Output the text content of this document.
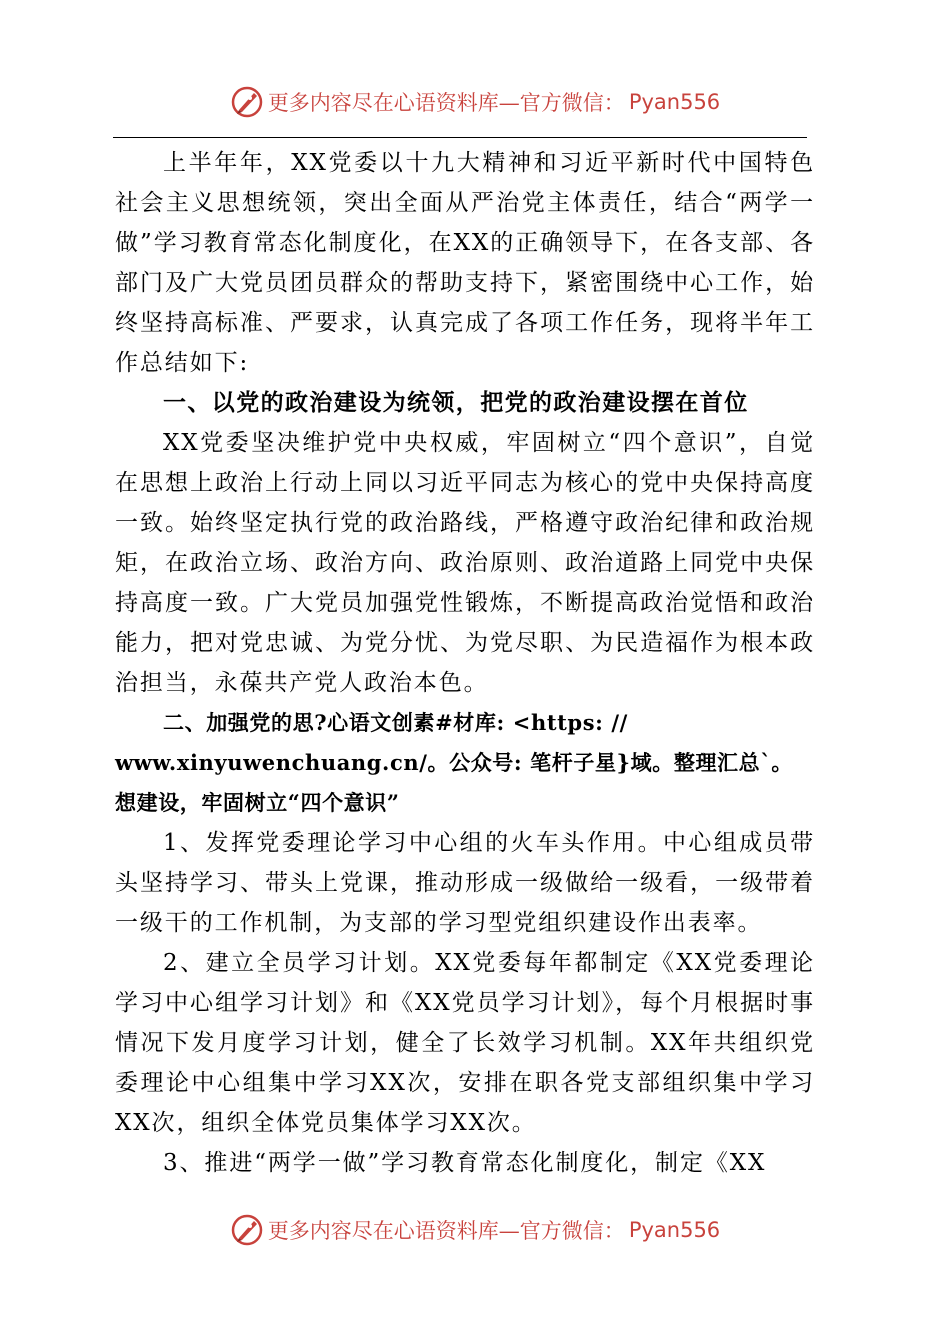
更多内容尽在心语资料库—官方微信： Pyan556

上半年年，XX党委以十九大精神和习近平新时代中国特色社会主义思想统领，突出全面从严治党主体责任，结合“两学一做”学习教育常态化制度化，在XX的正确领导下，在各支部、各部门及广大党员团员群众的帮助支持下，紧密围绕中心工作，始终坚持高标准、严要求，认真完成了各项工作任务，现将半年工作总结如下:

一、以党的政治建设为统领，把党的政治建设摆在首位

XX党委坚决维护党中央权威，牢固树立“四个意识”，自觉在思想上政治上行动上同以习近平同志为核心的党中央保持高度一致。始终坚定执行党的政治路线，严格遵守政治纪律和政治规矩，在政治立场、政治方向、政治原则、政治道路上同党中央保持高度一致。广大党员加强党性锻炼，不断提高政治觉悟和政治能力，把对党忠诚、为党分忧、为党尽职、为民造福作为根本政治担当，永葆共产党人政治本色。

二、加强党的思?心语文创素#材库: <https: //
www.xinyuwenchuang.cn/。公众号: 笔杆子星}域。整理汇总`。
想建设，牢固树立“四个意识”

1、发挥党委理论学习中心组的火车头作用。中心组成员带头坚持学习、带头上党课，推动形成一级做给一级看，一级带着一级干的工作机制，为支部的学习型党组织建设作出表率。

2、建立全员学习计划。XX党委每年都制定《XX党委理论学习中心组学习计划》和《XX党员学习计划》，每个月根据时事情况下发月度学习计划，健全了长效学习机制。XX年共组织党委理论中心组集中学习XX次，安排在职各党支部组织集中学习XX次，组织全体党员集体学习XX次。

3、推进“两学一做”学习教育常态化制度化，制定《XX

更多内容尽在心语资料库—官方微信： Pyan556
